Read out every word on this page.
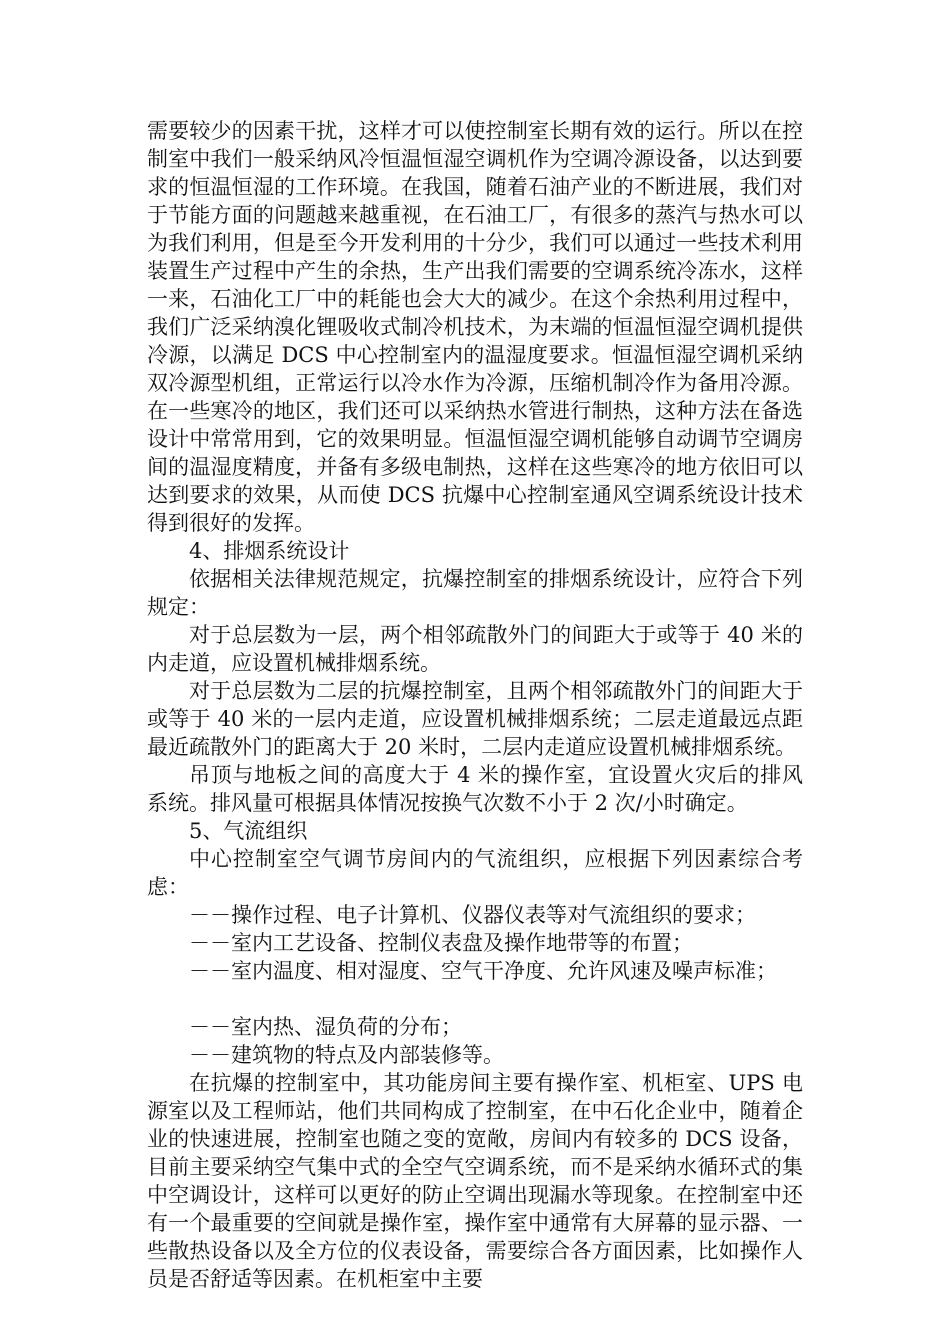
需要较少的因素干扰，这样才可以使控制室长期有效的运行。所以在控制室中我们一般采纳风冷恒温恒湿空调机作为空调冷源设备，以达到要求的恒温恒湿的工作环境。在我国，随着石油产业的不断进展，我们对于节能方面的问题越来越重视，在石油工厂，有很多的蒸汽与热水可以为我们利用，但是至今开发利用的十分少，我们可以通过一些技术利用装置生产过程中产生的余热，生产出我们需要的空调系统冷冻水，这样一来，石油化工厂中的耗能也会大大的减少。在这个余热利用过程中，我们广泛采纳溴化锂吸收式制冷机技术，为末端的恒温恒湿空调机提供冷源，以满足 DCS 中心控制室内的温湿度要求。恒温恒湿空调机采纳双冷源型机组，正常运行以冷水作为冷源，压缩机制冷作为备用冷源。在一些寒冷的地区，我们还可以采纳热水管进行制热，这种方法在备选设计中常常用到，它的效果明显。恒温恒湿空调机能够自动调节空调房间的温湿度精度，并备有多级电制热，这样在这些寒冷的地方依旧可以达到要求的效果，从而使 DCS 抗爆中心控制室通风空调系统设计技术得到很好的发挥。

4、排烟系统设计

依据相关法律规范规定，抗爆控制室的排烟系统设计，应符合下列规定：

对于总层数为一层，两个相邻疏散外门的间距大于或等于 40 米的内走道，应设置机械排烟系统。

对于总层数为二层的抗爆控制室，且两个相邻疏散外门的间距大于或等于 40 米的一层内走道，应设置机械排烟系统；二层走道最远点距最近疏散外门的距离大于 20 米时，二层内走道应设置机械排烟系统。

吊顶与地板之间的高度大于 4 米的操作室，宜设置火灾后的排风系统。排风量可根据具体情况按换气次数不小于 2 次/小时确定。

5、气流组织

中心控制室空气调节房间内的气流组织，应根据下列因素综合考虑：

－－操作过程、电子计算机、仪器仪表等对气流组织的要求；

－－室内工艺设备、控制仪表盘及操作地带等的布置；

－－室内温度、相对湿度、空气干净度、允许风速及噪声标准；

－－室内热、湿负荷的分布；

－－建筑物的特点及内部装修等。

在抗爆的控制室中，其功能房间主要有操作室、机柜室、UPS 电源室以及工程师站，他们共同构成了控制室，在中石化企业中，随着企业的快速进展，控制室也随之变的宽敞，房间内有较多的 DCS 设备，目前主要采纳空气集中式的全空气空调系统，而不是采纳水循环式的集中空调设计，这样可以更好的防止空调出现漏水等现象。在控制室中还有一个最重要的空间就是操作室，操作室中通常有大屏幕的显示器、一些散热设备以及全方位的仪表设备，需要综合各方面因素，比如操作人员是否舒适等因素。在机柜室中主要
